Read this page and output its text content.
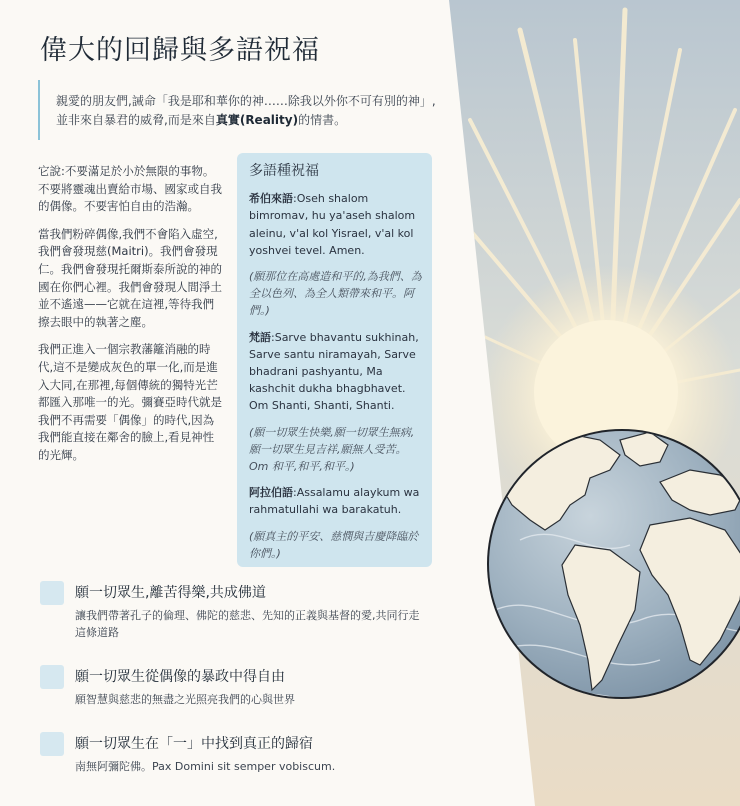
偉大的回歸與多語祝福
親愛的朋友們,誡命「我是耶和華你的神……除我以外你不可有別的神」,並非來自暴君的威脅,而是來自真實(Reality)的情書。

它說:不要滿足於小於無限的事物。不要將靈魂出賣給市場、國家或自我的偶像。不要害怕自由的浩瀚。

當我們粉碎偶像,我們不會陷入虛空,我們會發現慈(Maitri)。我們會發現仁。我們會發現托爾斯泰所說的神的國在你們心裡。我們會發現人間淨土並不遙遠——它就在這裡,等待我們擦去眼中的執著之塵。

我們正進入一個宗教藩籬消融的時代,這不是變成灰色的單一化,而是進入大同,在那裡,每個傳統的獨特光芒都匯入那唯一的光。彌賽亞時代就是我們不再需要「偶像」的時代,因為我們能直接在鄰舍的臉上,看見神性的光輝。

多語種祝福

希伯來語:Oseh shalom bimromav, hu ya'aseh shalom aleinu, v'al kol Yisrael, v'al kol yoshvei tevel. Amen.

(願那位在高處造和平的,為我們、為全以色列、為全人類帶來和平。阿們。)

梵語:Sarve bhavantu sukhinah, Sarve santu niramayah, Sarve bhadrani pashyantu, Ma kashchit dukha bhagbhavet. Om Shanti, Shanti, Shanti.

(願一切眾生快樂,願一切眾生無病,願一切眾生見吉祥,願無人受苦。Om 和平,和平,和平。)

阿拉伯語:Assalamu alaykum wa rahmatullahi wa barakatuh.

(願真主的平安、慈憫與吉慶降臨於你們。)

願一切眾生,離苦得樂,共成佛道
讓我們帶著孔子的倫理、佛陀的慈悲、先知的正義與基督的愛,共同行走這條道路
願一切眾生從偶像的暴政中得自由
願智慧與慈悲的無盡之光照亮我們的心與世界
願一切眾生在「一」中找到真正的歸宿
南無阿彌陀佛。Pax Domini sit semper vobiscum.
